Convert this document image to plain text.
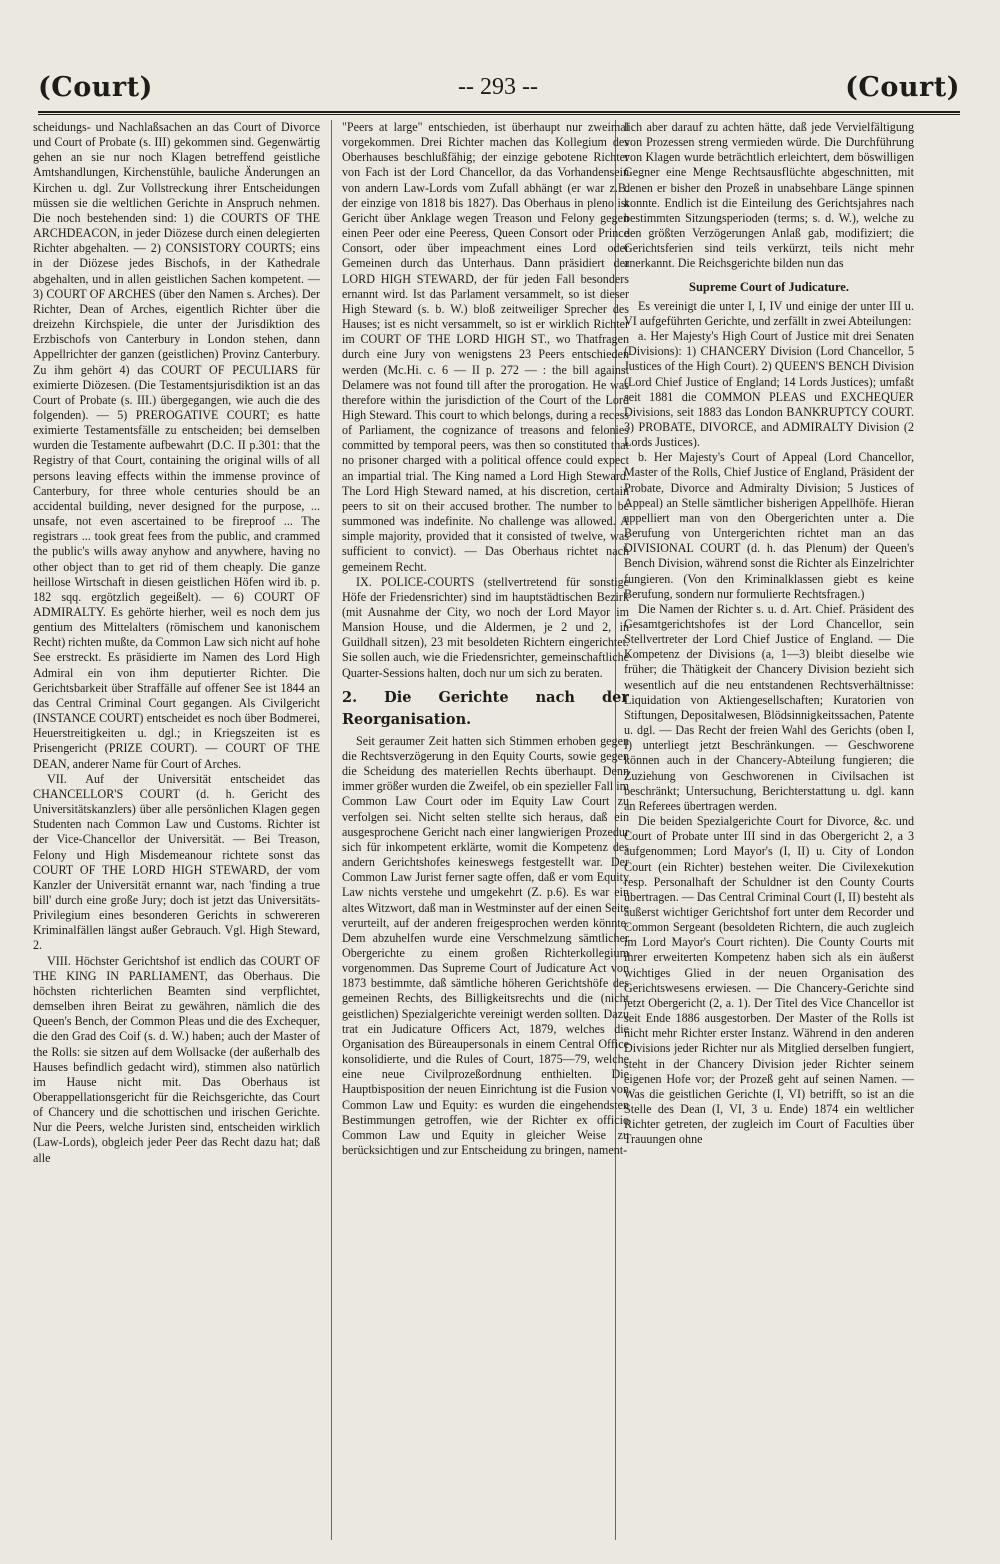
(Court)	-- 293 --	(Court)

scheidungs- und Nachlaßsachen an das Court of Divorce und Court of Probate (s. III) gekommen sind. Gegenwärtig gehen an sie nur noch Klagen betreffend geistliche Amtshandlungen, Kirchenstühle, bauliche Änderungen an Kirchen u. dgl. Zur Vollstreckung ihrer Entscheidungen müssen sie die weltlichen Gerichte in Anspruch nehmen. Die noch bestehenden sind: 1) die COURTS OF THE ARCHDEACON, in jeder Diözese durch einen delegierten Richter abgehalten. — 2) CONSISTORY COURTS; eins in der Diözese jedes Bischofs, in der Kathedrale abgehalten, und in allen geistlichen Sachen kompetent. — 3) COURT OF ARCHES (über den Namen s. Arches). Der Richter, Dean of Arches, eigentlich Richter über die dreizehn Kirchspiele, die unter der Jurisdiktion des Erzbischofs von Canterbury in London stehen, dann Appellrichter der ganzen (geistlichen) Provinz Canterbury. Zu ihm gehört 4) das COURT OF PECULIARS für eximierte Diözesen. (Die Testamentsjurisdiktion ist an das Court of Probate (s. III.) übergegangen, wie auch die des folgenden). — 5) PREROGATIVE COURT; es hatte eximierte Testamentsfälle zu entscheiden; bei demselben wurden die Testamente aufbewahrt (D.C. II p.301: that the Registry of that Court, containing the original wills of all persons leaving effects within the immense province of Canterbury, for three whole centuries should be an accidental building, never designed for the purpose, ... unsafe, not even ascertained to be fireproof ... The registrars ... took great fees from the public, and crammed the public's wills away anyhow and anywhere, having no other object than to get rid of them cheaply. Die ganze heillose Wirtschaft in diesen geistlichen Höfen wird ib. p. 182 sqq. ergötzlich gegeißelt). — 6) COURT OF ADMIRALTY. Es gehörte hierher, weil es noch dem jus gentium des Mittelalters (römischem und kanonischem Recht) richten mußte, da Common Law sich nicht auf hohe See erstreckt. Es präsidierte im Namen des Lord High Admiral ein von ihm deputierter Richter. Die Gerichtsbarkeit über Straffälle auf offener See ist 1844 an das Central Criminal Court gegangen. Als Civilgericht (INSTANCE COURT) entscheidet es noch über Bodmerei, Heuerstreitigkeiten u. dgl.; in Kriegszeiten ist es Prisengericht (PRIZE COURT). — COURT OF THE DEAN, anderer Name für Court of Arches.

VII. Auf der Universität entscheidet das CHANCELLOR'S COURT (d. h. Gericht des Universitätskanzlers) über alle persönlichen Klagen gegen Studenten nach Common Law und Customs. Richter ist der Vice-Chancellor der Universität. — Bei Treason, Felony und High Misdemeanour richtete sonst das COURT OF THE LORD HIGH STEWARD, der vom Kanzler der Universität ernannt war, nach 'finding a true bill' durch eine große Jury; doch ist jetzt das Universitäts-Privilegium eines besonderen Gerichts in schwereren Kriminalfällen längst außer Gebrauch. Vgl. High Steward, 2.

VIII. Höchster Gerichtshof ist endlich das COURT OF THE KING IN PARLIAMENT, das Oberhaus. Die höchsten richterlichen Beamten sind verpflichtet, demselben ihren Beirat zu gewähren, nämlich die des Queen's Bench, der Common Pleas und die des Exchequer, die den Grad des Coif (s. d. W.) haben; auch der Master of the Rolls: sie sitzen auf dem Wollsacke (der außerhalb des Hauses befindlich gedacht wird), stimmen also natürlich im Hause nicht mit. Das Oberhaus ist Oberappellationsgericht für die Reichsgerichte, das Court of Chancery und die schottischen und irischen Gerichte. Nur die Peers, welche Juristen sind, entscheiden wirklich (Law-Lords), obgleich jeder Peer das Recht dazu hat; daß alle

"Peers at large" entschieden, ist überhaupt nur zweimal vorgekommen. Drei Richter machen das Kollegium des Oberhauses beschlußfähig; der einzige gebotene Richter von Fach ist der Lord Chancellor, da das Vorhandensein von andern Law-Lords vom Zufall abhängt (er war z.B. der einzige von 1818 bis 1827). Das Oberhaus in pleno ist Gericht über Anklage wegen Treason und Felony gegen einen Peer oder eine Peeress, Queen Consort oder Prince Consort, oder über impeachment eines Lord oder Gemeinen durch das Unterhaus. Dann präsidiert der LORD HIGH STEWARD, der für jeden Fall besonders ernannt wird. Ist das Parlament versammelt, so ist dieser High Steward (s. b. W.) bloß zeitweiliger Sprecher des Hauses; ist es nicht versammelt, so ist er wirklich Richter im COURT OF THE LORD HIGH ST., wo Thatfragen durch eine Jury von wenigstens 23 Peers entschieden werden (Mc.Hi. c. 6 — II p. 272 — : the bill against Delamere was not found till after the prorogation. He was therefore within the jurisdiction of the Court of the Lord High Steward. This court to which belongs, during a recess of Parliament, the cognizance of treasons and felonies committed by temporal peers, was then so constituted that no prisoner charged with a political offence could expect an impartial trial. The King named a Lord High Steward. The Lord High Steward named, at his discretion, certain peers to sit on their accused brother. The number to be summoned was indefinite. No challenge was allowed. A simple majority, provided that it consisted of twelve, was sufficient to convict). — Das Oberhaus richtet nach gemeinem Recht.

IX. POLICE-COURTS (stellvertretend für sonstige Höfe der Friedensrichter) sind im hauptstädtischen Bezirk (mit Ausnahme der City, wo noch der Lord Mayor im Mansion House, und die Aldermen, je 2 und 2, in Guildhall sitzen), 23 mit besoldeten Richtern eingerichtet. Sie sollen auch, wie die Friedensrichter, gemeinschaftliche Quarter-Sessions halten, doch nur um sich zu beraten.

2. Die Gerichte nach der Reorganisation.

Seit geraumer Zeit hatten sich Stimmen erhoben gegen die Rechtsverzögerung in den Equity Courts, sowie gegen die Scheidung des materiellen Rechts überhaupt. Denn immer größer wurden die Zweifel, ob ein spezieller Fall im Common Law Court oder im Equity Law Court zu verfolgen sei. Nicht selten stellte sich heraus, daß ein ausgesprochene Gericht nach einer langwierigen Prozedur sich für inkompetent erklärte, womit die Kompetenz des andern Gerichtshofes keineswegs festgestellt war. Der Common Law Jurist ferner sagte offen, daß er vom Equity Law nichts verstehe und umgekehrt (Z. p.6). Es war ein altes Witzwort, daß man in Westminster auf der einen Seite verurteilt, auf der anderen freigesprochen werden könnte. Dem abzuhelfen wurde eine Verschmelzung sämtlicher Obergerichte zu einem großen Richterkollegium vorgenommen. Das Supreme Court of Judicature Act von 1873 bestimmte, daß sämtliche höheren Gerichtshöfe des gemeinen Rechts, des Billigkeitsrechts und die (nicht geistlichen) Spezialgerichte vereinigt werden sollten. Dazu trat ein Judicature Officers Act, 1879, welches die Organisation des Büreaupersonals in einem Central Office konsolidierte, und die Rules of Court, 1875—79, welche eine neue Civilprozeßordnung enthielten. Die Hauptbisposition der neuen Einrichtung ist die Fusion von Common Law und Equity: es wurden die eingehendsten Bestimmungen getroffen, wie der Richter ex officio Common Law und Equity in gleicher Weise zu berücksichtigen und zur Entscheidung zu bringen, nament-

lich aber darauf zu achten hätte, daß jede Vervielfältigung von Prozessen streng vermieden würde. Die Durchführung von Klagen wurde beträchtlich erleichtert, dem böswilligen Gegner eine Menge Rechtsausflüchte abgeschnitten, mit denen er bisher den Prozeß in unabsehbare Länge spinnen konnte. Endlich ist die Einteilung des Gerichtsjahres nach bestimmten Sitzungsperioden (terms; s. d. W.), welche zu den größten Verzögerungen Anlaß gab, modifiziert; die Gerichtsferien sind teils verkürzt, teils nicht mehr anerkannt. Die Reichsgerichte bilden nun das

Supreme Court of Judicature.

Es vereinigt die unter I, I, IV und einige der unter III u. VI aufgeführten Gerichte, und zerfällt in zwei Abteilungen:

a. Her Majesty's High Court of Justice mit drei Senaten (Divisions): 1) CHANCERY Division (Lord Chancellor, 5 Justices of the High Court). 2) QUEEN'S BENCH Division (Lord Chief Justice of England; 14 Lords Justices); umfaßt seit 1881 die COMMON PLEAS und EXCHEQUER Divisions, seit 1883 das London BANKRUPTCY COURT. 3) PROBATE, DIVORCE, and ADMIRALTY Division (2 Lords Justices).

b. Her Majesty's Court of Appeal (Lord Chancellor, Master of the Rolls, Chief Justice of England, Präsident der Probate, Divorce and Admiralty Division; 5 Justices of Appeal) an Stelle sämtlicher bisherigen Appellhöfe. Hieran appelliert man von den Obergerichten unter a. Die Berufung von Untergerichten richtet man an das DIVISIONAL COURT (d. h. das Plenum) der Queen's Bench Division, während sonst die Richter als Einzelrichter fungieren. (Von den Kriminalklassen giebt es keine Berufung, sondern nur formulierte Rechtsfragen.)

Die Namen der Richter s. u. d. Art. Chief. Präsident des Gesamtgerichtshofes ist der Lord Chancellor, sein Stellvertreter der Lord Chief Justice of England. — Die Kompetenz der Divisions (a, 1—3) bleibt dieselbe wie früher; die Thätigkeit der Chancery Division bezieht sich wesentlich auf die neu entstandenen Rechtsverhältnisse: Liquidation von Aktiengesellschaften; Kuratorien von Stiftungen, Depositalwesen, Blödsinnigkeitssachen, Patente u. dgl. — Das Recht der freien Wahl des Gerichts (oben I, I) unterliegt jetzt Beschränkungen. — Geschworene können auch in der Chancery-Abteilung fungieren; die Zuziehung von Geschworenen in Civilsachen ist beschränkt; Untersuchung, Berichterstattung u. dgl. kann an Referees übertragen werden.

Die beiden Spezialgerichte Court for Divorce, &c. und Court of Probate unter III sind in das Obergericht 2, a 3 aufgenommen; Lord Mayor's (I, II) u. City of London Court (ein Richter) bestehen weiter. Die Civilexekution resp. Personalhaft der Schuldner ist den County Courts übertragen. — Das Central Criminal Court (I, II) besteht als äußerst wichtiger Gerichtshof fort unter dem Recorder und Common Sergeant (besoldeten Richtern, die auch zugleich im Lord Mayor's Court richten). Die County Courts mit ihrer erweiterten Kompetenz haben sich als ein äußerst wichtiges Glied in der neuen Organisation des Gerichtswesens erwiesen. — Die Chancery-Gerichte sind jetzt Obergericht (2, a. 1). Der Titel des Vice Chancellor ist seit Ende 1886 ausgestorben. Der Master of the Rolls ist nicht mehr Richter erster Instanz. Während in den anderen Divisions jeder Richter nur als Mitglied derselben fungiert, steht in der Chancery Division jeder Richter seinem eigenen Hofe vor; der Prozeß geht auf seinen Namen. — Was die geistlichen Gerichte (I, VI) betrifft, so ist an die Stelle des Dean (I, VI, 3 u. Ende) 1874 ein weltlicher Richter getreten, der zugleich im Court of Faculties über Trauungen ohne
